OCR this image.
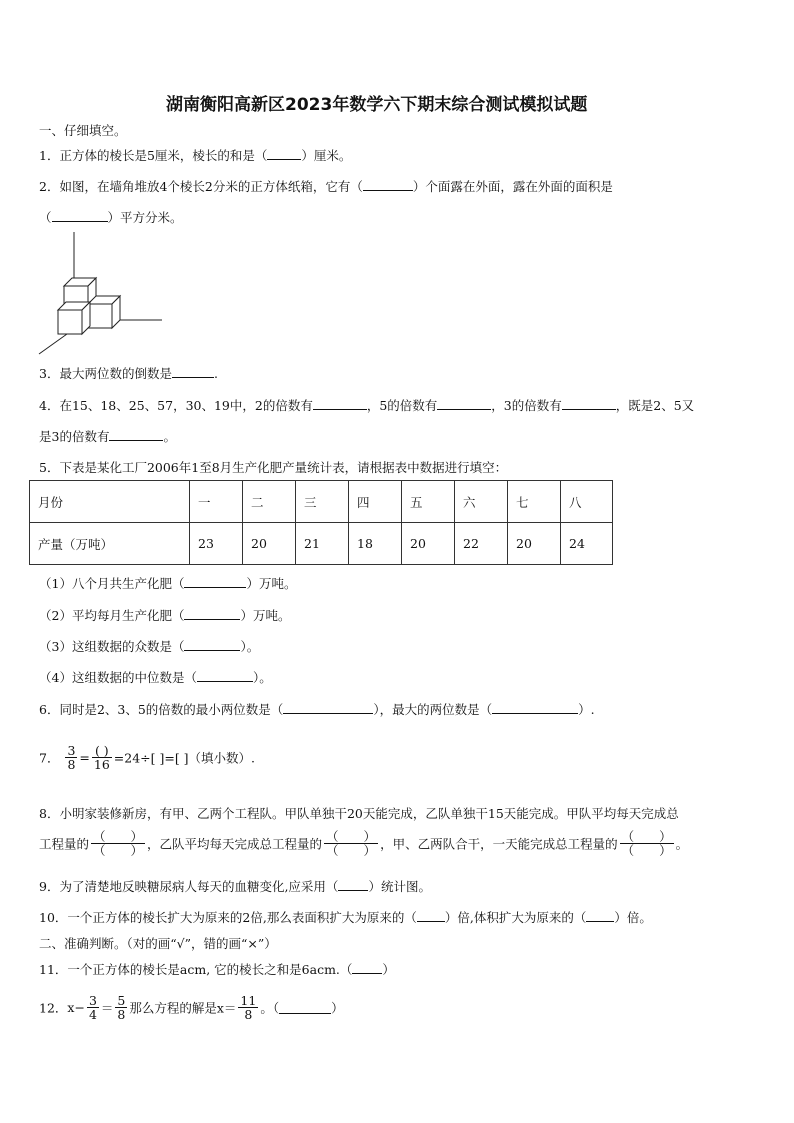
湖南衡阳高新区2023年数学六下期末综合测试模拟试题
一、仔细填空。
1．正方体的棱长是5厘米，棱长的和是（	）厘米。
2．如图，在墙角堆放4个棱长2分米的正方体纸箱，它有（	）个面露在外面，露在外面的面积是
（	）平方分米。
3．最大两位数的倒数是	.
4．在15、18、25、57，30、19中，2的倍数有	，5的倍数有	，3的倍数有	，既是2、5又
是3的倍数有	。
5．下表是某化工厂2006年1至8月生产化肥产量统计表，请根据表中数据进行填空：
月份	一	二	三	四	五	六	七	八
产量（万吨）	23	20	21	18	20	22	20	24
（1）八个月共生产化肥（	）万吨。
（2）平均每月生产化肥（	）万吨。
（3）这组数据的众数是（	）。
（4）这组数据的中位数是（	）。
6．同时是2、3、5的倍数的最小两位数是（	），最大的两位数是（	）.
7． $\frac{3}{8} = \frac{( )}{16} =24\div$[ ]=[ ]（填小数）.
8．小明家装修新房，有甲、乙两个工程队。甲队单独干20天能完成，乙队单独干15天能完成。甲队平均每天完成总
工程量的 $\frac{( )}{( )}$ ，乙队平均每天完成总工程量的 $\frac{( )}{( )}$ ，甲、乙两队合干，一天能完成总工程量的 $\frac{( )}{( )}$ 。
9．为了清楚地反映糖尿病人每天的血糖变化,应采用（ ）统计图。
10．一个正方体的棱长扩大为原来的2倍,那么表面积扩大为原来的（ ）倍,体积扩大为原来的（ ）倍。
二、准确判断。（对的画“√”，错的画“×”）
11．一个正方体的棱长是acm, 它的棱长之和是6acm.（ ）
12．$x- \frac{3}{4} = \frac{5}{8}$ 那么方程的解是$x= \frac{11}{8}$ 。（	）
